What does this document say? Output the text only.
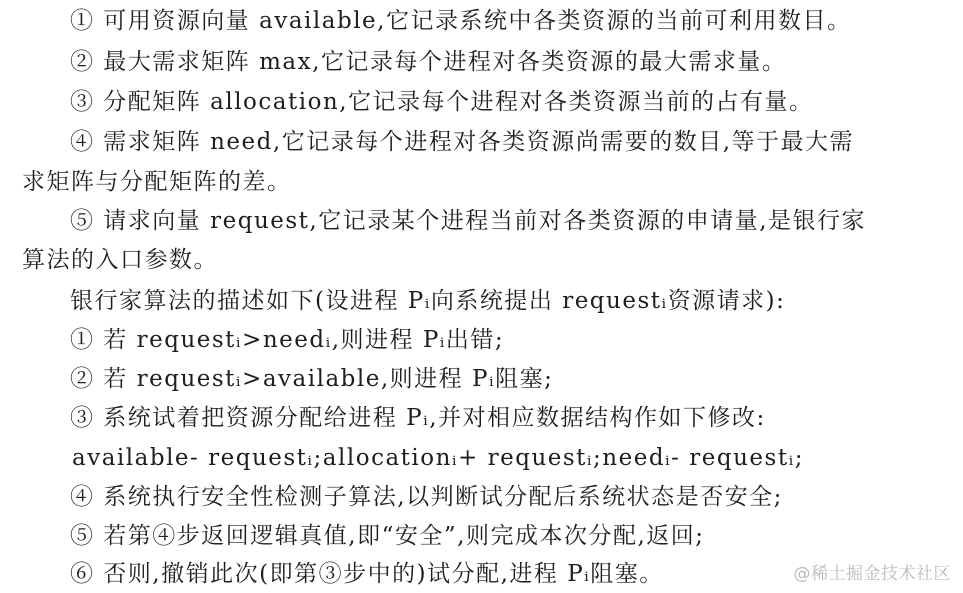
① 可用资源向量 available,它记录系统中各类资源的当前可利用数目。
② 最大需求矩阵 max,它记录每个进程对各类资源的最大需求量。
③ 分配矩阵 allocation,它记录每个进程对各类资源当前的占有量。
④ 需求矩阵 need,它记录每个进程对各类资源尚需要的数目,等于最大需
求矩阵与分配矩阵的差。
⑤ 请求向量 request,它记录某个进程当前对各类资源的申请量,是银行家
算法的入口参数。
银行家算法的描述如下(设进程 Pᵢ向系统提出 requestᵢ资源请求):
① 若 requestᵢ>needᵢ,则进程 Pᵢ出错;
② 若 requestᵢ>available,则进程 Pᵢ阻塞;
③ 系统试着把资源分配给进程 Pᵢ,并对相应数据结构作如下修改:
available- requestᵢ;allocationᵢ+ requestᵢ;needᵢ- requestᵢ;
④ 系统执行安全性检测子算法,以判断试分配后系统状态是否安全;
⑤ 若第④步返回逻辑真值,即“安全”,则完成本次分配,返回;
⑥ 否则,撤销此次(即第③步中的)试分配,进程 Pᵢ阻塞。	@稀土掘金技术社区
